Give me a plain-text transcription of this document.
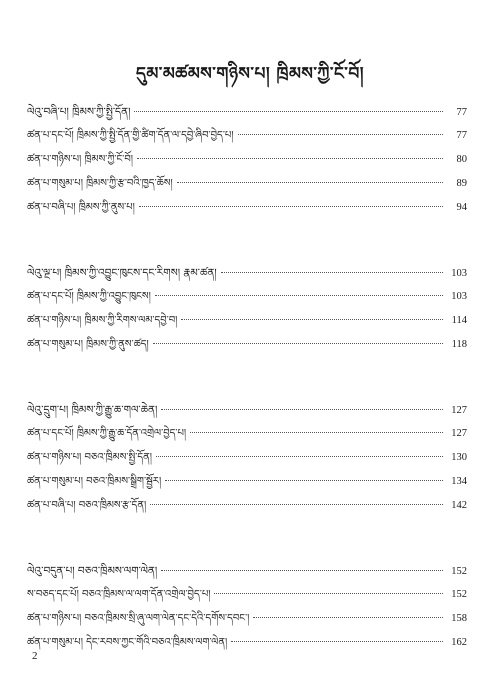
དུམ་མཚམས་གཉིས་པ། ཁྲིམས་ཀྱི་ངོ་བོ།
ལེའུ་བཞི་པ། ཁྲིམས་ཀྱི་སྤྱི་དོན།	77
ཚན་པ་དང་པོ། ཁྲིམས་ཀྱི་སྤྱི་དོན་གྱི་ཚིག་དོན་ལ་དབྱེ་ཞིབ་བྱེད་པ།	77
ཚན་པ་གཉིས་པ། ཁྲིམས་ཀྱི་ངོ་བོ།	80
ཚན་པ་གསུམ་པ། ཁྲིམས་ཀྱི་རྩ་བའི་ཁྱད་ཆོས།	89
ཚན་པ་བཞི་པ། ཁྲིམས་ཀྱི་ནུས་པ།	94
ལེའུ་ལྔ་པ། ཁྲིམས་ཀྱི་འབྱུང་ཁུངས་དང་རིགས། རྣམ་ཚན།	103
ཚན་པ་དང་པོ། ཁྲིམས་ཀྱི་འབྱུང་ཁུངས།	103
ཚན་པ་གཉིས་པ། ཁྲིམས་ཀྱི་རིགས་ལམ་དབྱེ་བ།	114
ཚན་པ་གསུམ་པ། ཁྲིམས་ཀྱི་ནུས་ཚད།	118
ལེའུ་དྲུག་པ། ཁྲིམས་ཀྱི་རྒྱུ་ཆ་གལ་ཆེན།	127
ཚན་པ་དང་པོ། ཁྲིམས་ཀྱི་རྒྱུ་ཆ་དོན་འགྲེལ་བྱེད་པ།	127
ཚན་པ་གཉིས་པ། བཅའ་ཁྲིམས་སྤྱི་དོན།	130
ཚན་པ་གསུམ་པ། བཅའ་ཁྲིམས་སྒྲིག་སྦྱོར།	134
ཚན་པ་བཞི་པ། བཅའ་ཁྲིམས་རྩ་དོན།	142
ལེའུ་བདུན་པ། བཅའ་ཁྲིམས་ལག་ལེན།	152
ས་བཅད་དང་པོ། བཅའ་ཁྲིམས་ལ་ལག་དོན་འགྲེལ་བྱེད་པ།	152
ཚན་པ་གཉིས་པ། བཅའ་ཁྲིམས་སྲི་ཞུ་ལག་ལེན་དང་དེའི་དགོས་དབང་།	158
ཚན་པ་གསུམ་པ། དེང་རབས་ཀྱང་གོའི་བཅའ་ཁྲིམས་ལག་ལེན།	162
2
